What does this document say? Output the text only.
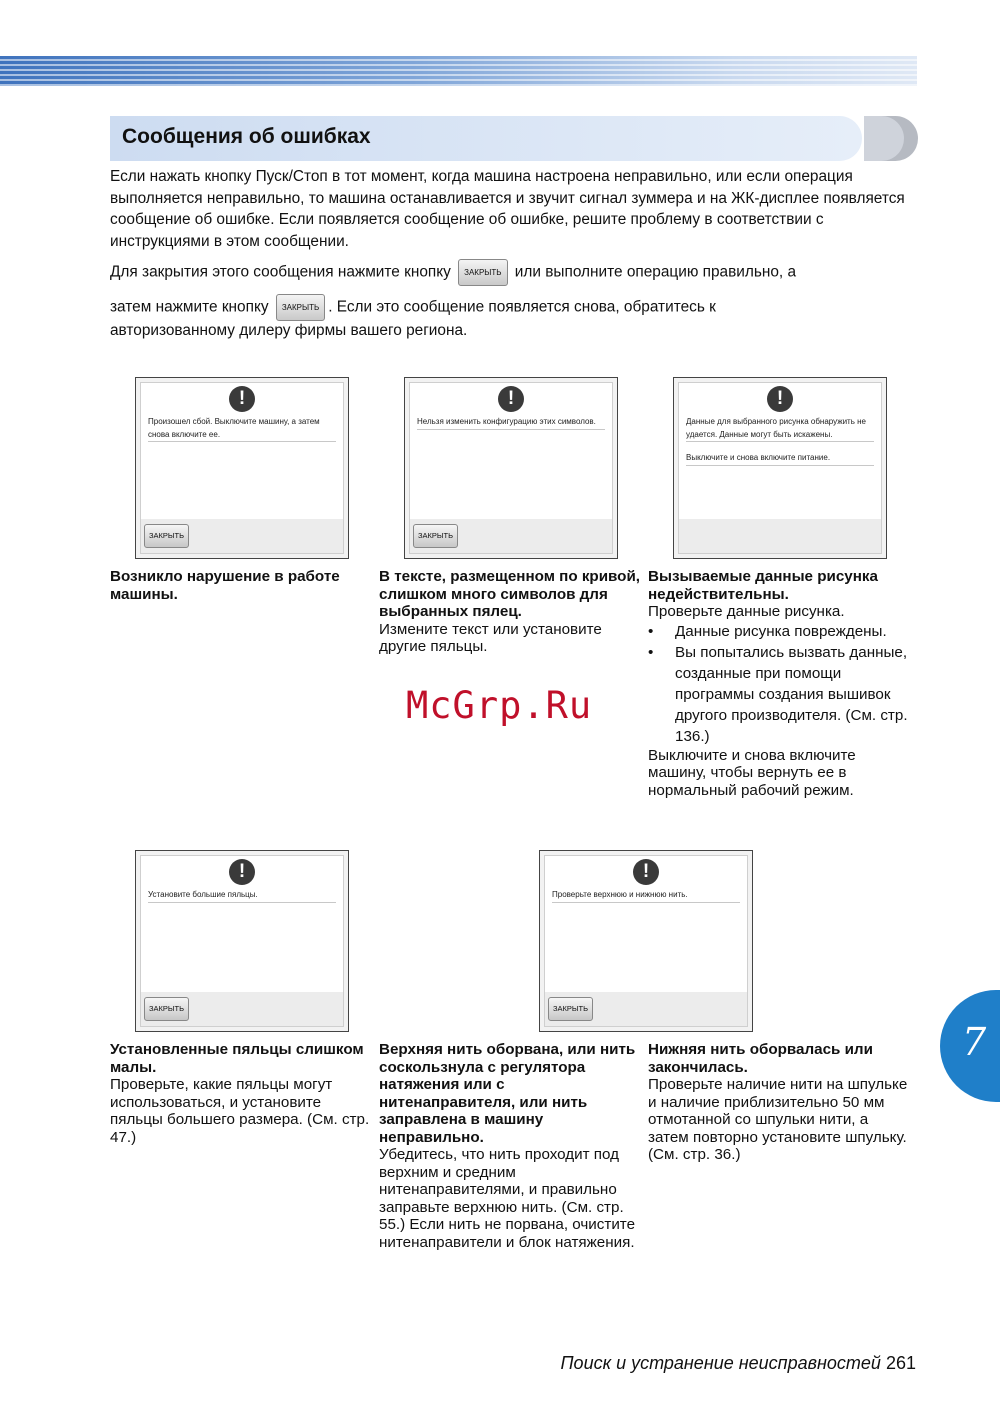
Сообщения об ошибках
Если нажать кнопку Пуск/Стоп в тот момент, когда машина настроена неправильно, или если операция выполняется неправильно, то машина останавливается и звучит сигнал зуммера и на ЖК-дисплее появляется сообщение об ошибке. Если появляется сообщение об ошибке, решите проблему в соответствии с инструкциями в этом сообщении.
Для закрытия этого сообщения нажмите кнопку ЗАКРЫТЬ или выполните операцию правильно, а
затем нажмите кнопку ЗАКРЫТЬ . Если это сообщение появляется снова, обратитесь к
авторизованному дилеру фирмы вашего региона.
!

Произошел сбой. Выключите машину, а затем снова включите ее.

ЗАКРЫТЬ
Возникло нарушение в работе машины.
!

Нельзя изменить конфигурацию этих символов.

ЗАКРЫТЬ
В тексте, размещенном по кривой, слишком много символов для выбранных пялец.

Измените текст или установите другие пяльцы.

!

Данные для выбранного рисунка обнаружить не удается. Данные могут быть искажены.

Выключите и снова включите питание.

Вызываемые данные рисунка недействительны.

Проверьте данные рисунка.

• Данные рисунка повреждены.
• Вы попытались вызвать данные, созданные при помощи программы создания вышивок другого производителя. (См. стр. 136.)

Выключите и снова включите машину, чтобы вернуть ее в нормальный рабочий режим.

!

Установите большие пяльцы.

ЗАКРЫТЬ
Установленные пяльцы слишком малы.

Проверьте, какие пяльцы могут использоваться, и установите пяльцы большего размера. (См. стр. 47.)

!

Проверьте верхнюю и нижнюю нить.

ЗАКРЫТЬ
Верхняя нить оборвана, или нить соскользнула с регулятора натяжения или с нитенаправителя, или нить заправлена в машину неправильно.

Убедитесь, что нить проходит под верхним и средним нитенаправителями, и правильно заправьте верхнюю нить. (См. стр. 55.) Если нить не порвана, очистите нитенаправители и блок натяжения.

Нижняя нить оборвалась или закончилась.

Проверьте наличие нити на шпульке и наличие приблизительно 50 мм отмотанной со шпульки нити, а затем повторно установите шпульку. (См. стр. 36.)

McGrp.Ru
7
Поиск и устранение неисправностей 261
